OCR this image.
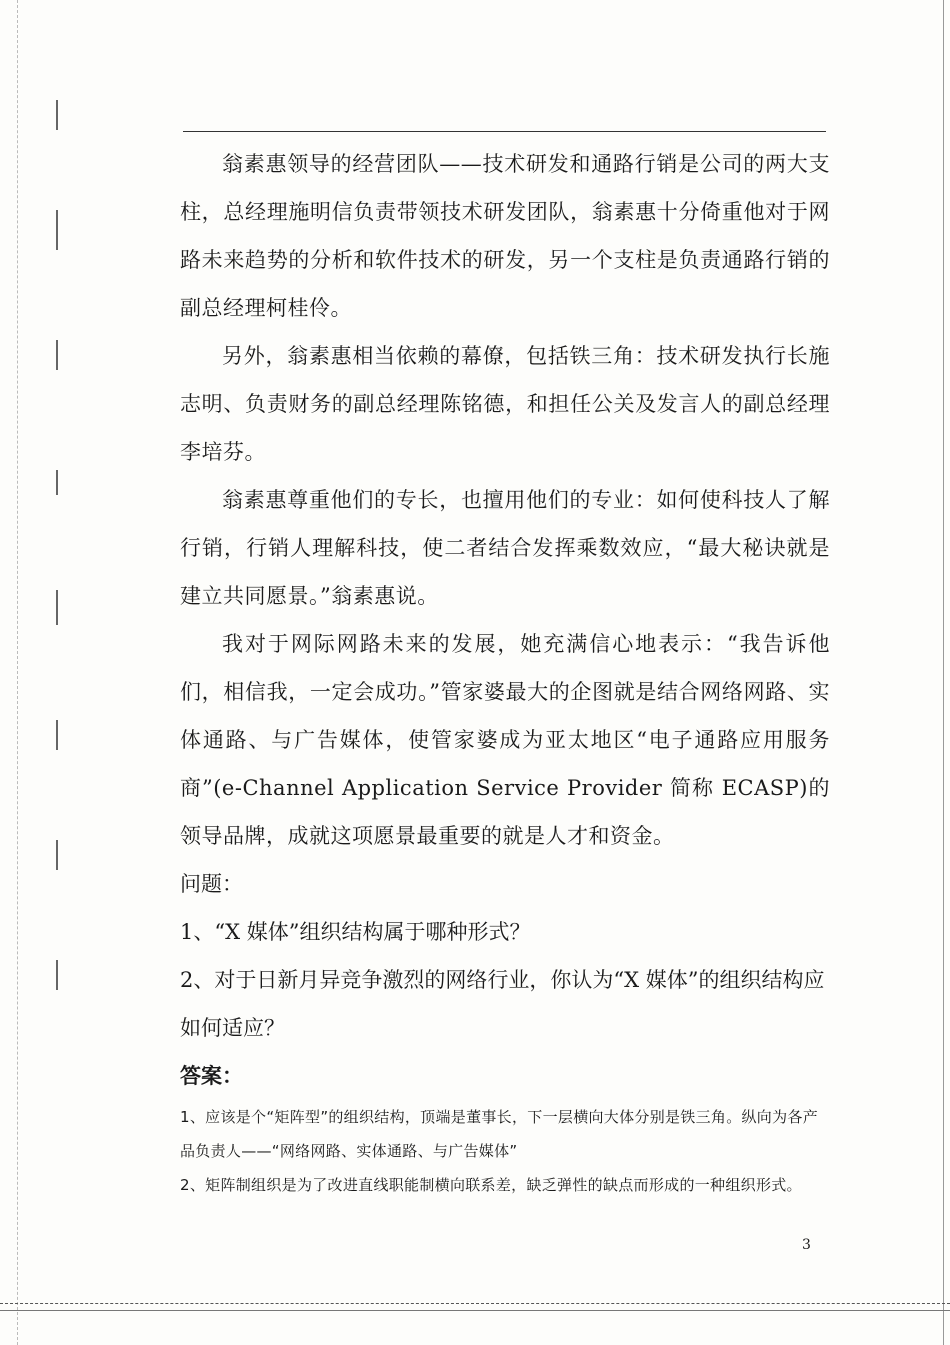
翁素惠领导的经营团队——技术研发和通路行销是公司的两大支柱，总经理施明信负责带领技术研发团队，翁素惠十分倚重他对于网路未来趋势的分析和软件技术的研发，另一个支柱是负责通路行销的副总经理柯桂伶。

另外，翁素惠相当依赖的幕僚，包括铁三角：技术研发执行长施志明、负责财务的副总经理陈铭德，和担任公关及发言人的副总经理李培芬。

翁素惠尊重他们的专长，也擅用他们的专业：如何使科技人了解行销，行销人理解科技，使二者结合发挥乘数效应，“最大秘诀就是建立共同愿景。”翁素惠说。

我对于网际网路未来的发展，她充满信心地表示：“我告诉他们，相信我，一定会成功。”管家婆最大的企图就是结合网络网路、实体通路、与广告媒体，使管家婆成为亚太地区“电子通路应用服务商”(e-Channel Application Service Provider 简称 ECASP)的领导品牌，成就这项愿景最重要的就是人才和资金。

问题：

1、“X 媒体”组织结构属于哪种形式？

2、对于日新月异竞争激烈的网络行业，你认为“X 媒体”的组织结构应如何适应？

答案：

1、应该是个“矩阵型”的组织结构，顶端是董事长，下一层横向大体分别是铁三角。纵向为各产品负责人——“网络网路、实体通路、与广告媒体”

2、矩阵制组织是为了改进直线职能制横向联系差，缺乏弹性的缺点而形成的一种组织形式。

3
